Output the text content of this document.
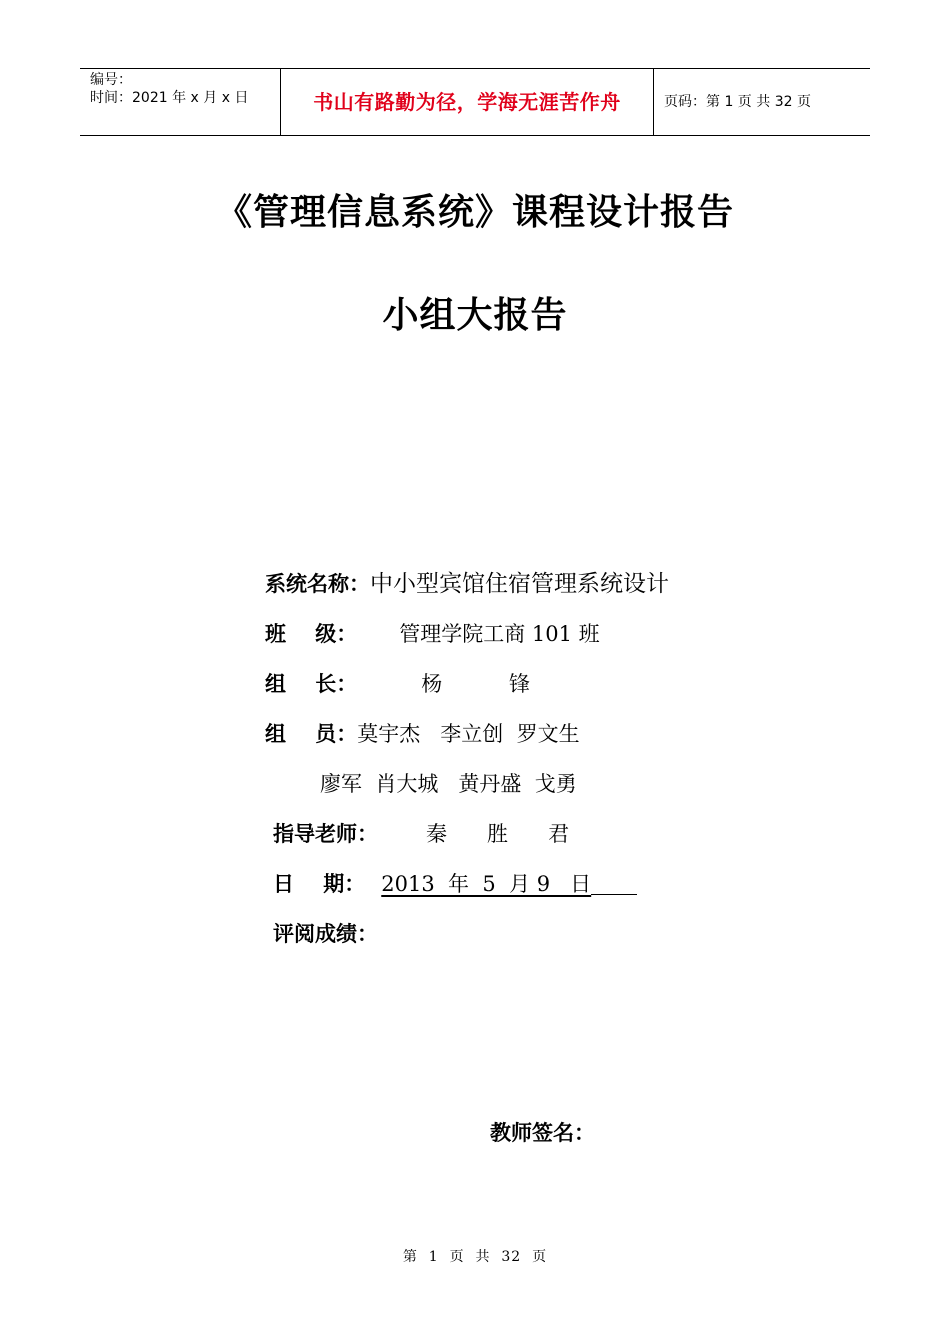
编号：
时间：2021 年 x 月 x 日	书山有路勤为径，学海无涯苦作舟	页码：第 1 页 共 32 页
《管理信息系统》课程设计报告
小组大报告
系统名称：中小型宾馆住宿管理系统设计
班    级： 管理学院工商 101 班
组    长：	杨          锋
组    员：莫宇杰   李立创  罗文生
廖军  肖大城   黄丹盛  戈勇
指导老师： 秦      胜      君
日    期： 2013  年  5  月 9   日
评阅成绩：
教师签名：
第  1  页  共  32  页
